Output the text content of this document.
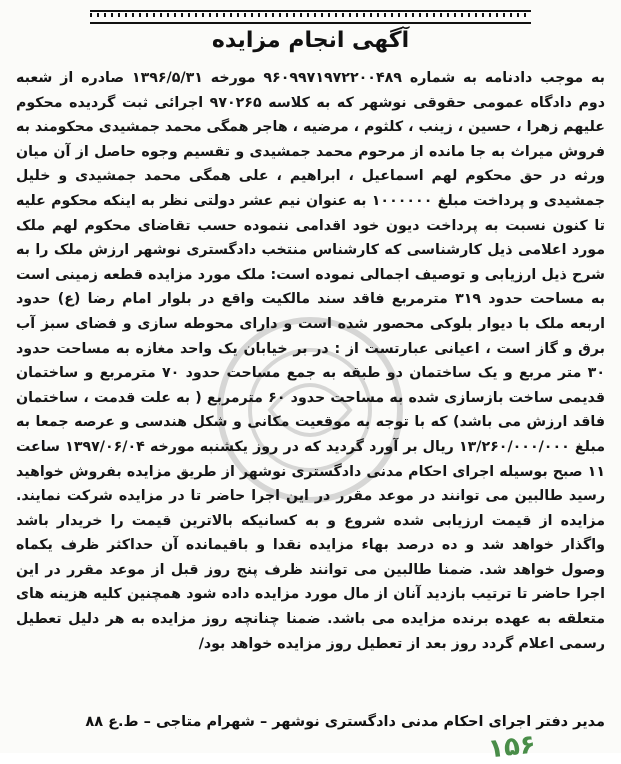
آگهی انجام مزایده
به موجب دادنامه به شماره ۹۶۰۹۹۷۱۹۷۲۲۰۰۴۸۹ مورخه ۱۳۹۶/۵/۳۱ صادره از شعبه دوم دادگاه عمومی حقوقی نوشهر که به کلاسه ۹۷۰۲۶۵ اجرائی ثبت گردیده محکوم علیهم زهرا ، حسین ، زینب ، کلثوم ، مرضیه ، هاجر همگی محمد جمشیدی محکومند به فروش میراث به جا مانده از مرحوم محمد جمشیدی و تقسیم وجوه حاصل از آن میان ورثه در حق محکوم لهم اسماعیل ، ابراهیم ، علی همگی محمد جمشیدی و خلیل جمشیدی و پرداخت مبلغ ۱۰۰۰۰۰۰ به عنوان نیم عشر دولتی نظر به اینکه محکوم علیه تا کنون نسبت به پرداخت دیون خود اقدامی ننموده حسب تقاضای محکوم لهم ملک مورد اعلامی ذیل کارشناسی که کارشناس منتخب دادگستری نوشهر ارزش ملک را به شرح ذیل ارزیابی و توصیف اجمالی نموده است: ملک مورد مزایده قطعه زمینی است به مساحت حدود ۳۱۹ مترمربع فاقد سند مالکیت واقع در بلوار امام رضا (ع) حدود اربعه ملک با دیوار بلوکی محصور شده است و دارای محوطه سازی و فضای سبز آب برق و گاز است ، اعیانی عبارتست از : در بر خیابان یک واحد مغازه به مساحت حدود ۳۰ متر مربع و یک ساختمان دو طبقه به جمع مساحت حدود ۷۰ مترمربع و ساختمان قدیمی ساخت بازسازی شده به مساحت حدود ۶۰ مترمربع ( به علت قدمت ، ساختمان فاقد ارزش می باشد) که با توجه به موقعیت مکانی و شکل هندسی و عرصه جمعا به مبلغ ۱۳/۲۶۰/۰۰۰/۰۰۰ ریال بر آورد گردید که در روز یکشنبه مورخه ۱۳۹۷/۰۶/۰۴ ساعت ۱۱ صبح بوسیله اجرای احکام مدنی دادگستری نوشهر از طریق مزایده بفروش خواهید رسید طالبین می توانند در موعد مقرر در این اجرا حاضر تا در مزایده شرکت نمایند. مزایده از قیمت ارزیابی شده شروع و به کسانیکه بالاترین قیمت را خریدار باشد واگذار خواهد شد و ده درصد بهاء مزایده نقدا و باقیمانده آن حداکثر ظرف یکماه وصول خواهد شد. ضمنا طالبین می توانند ظرف پنج روز قبل از موعد مقرر در این اجرا حاضر تا ترتیب بازدید آنان از مال مورد مزایده داده شود همچنین کلیه هزینه های متعلقه به عهده برنده مزایده می باشد. ضمنا چنانچه روز مزایده به هر دلیل تعطیل رسمی اعلام گردد روز بعد از تعطیل روز مزایده خواهد بود/
مدیر دفتر اجرای احکام مدنی دادگستری نوشهر – شهرام متاجی – ط.ع ۸۸
۱۵۶
